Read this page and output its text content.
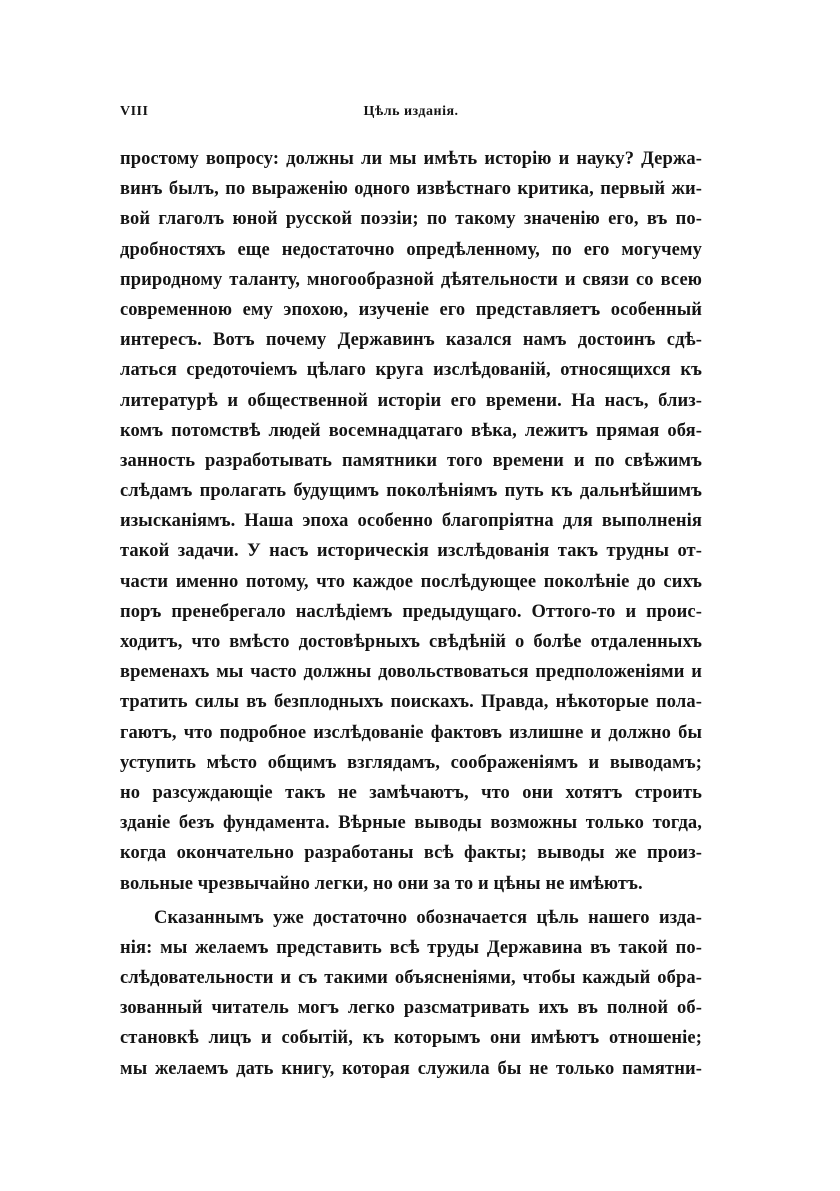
VIII	Цѣль изданія.

простому вопросу: должны ли мы имѣть исторію и науку? Держа-
винъ былъ, по выраженію одного извѣстнаго критика, первый жи-
вой глаголъ юной русской поэзіи; по такому значенію его, въ по-
дробностяхъ еще недостаточно опредѣленному, по его могучему
природному таланту, многообразной дѣятельности и связи со всею
современною ему эпохою, изученіе его представляетъ особенный
интересъ. Вотъ почему Державинъ казался намъ достоинъ сдѣ-
латься средоточіемъ цѣлаго круга изслѣдованій, относящихся къ
литературѣ и общественной исторіи его времени. На насъ, близ-
комъ потомствѣ людей восемнадцатаго вѣка, лежитъ прямая обя-
занность разработывать памятники того времени и по свѣжимъ
слѣдамъ пролагать будущимъ поколѣніямъ путь къ дальнѣйшимъ
изысканіямъ. Наша эпоха особенно благопріятна для выполненія
такой задачи. У насъ историческія изслѣдованія такъ трудны от-
части именно потому, что каждое послѣдующее поколѣніе до сихъ
поръ пренебрегало наслѣдіемъ предыдущаго. Оттого-то и проис-
ходитъ, что вмѣсто достовѣрныхъ свѣдѣній о болѣе отдаленныхъ
временахъ мы часто должны довольствоваться предположеніями и
тратить силы въ безплодныхъ поискахъ. Правда, нѣкоторые пола-
гаютъ, что подробное изслѣдованіе фактовъ излишне и должно бы
уступить мѣсто общимъ взглядамъ, соображеніямъ и выводамъ;
но разсуждающіе такъ не замѣчаютъ, что они хотятъ строить
зданіе безъ фундамента. Вѣрные выводы возможны только тогда,
когда окончательно разработаны всѣ факты; выводы же произ-
вольные чрезвычайно легки, но они за то и цѣны не имѣютъ.

Сказаннымъ уже достаточно обозначается цѣль нашего изда-
нія: мы желаемъ представить всѣ труды Державина въ такой по-
слѣдовательности и съ такими объясненіями, чтобы каждый обра-
зованный читатель могъ легко разсматривать ихъ въ полной об-
становкѣ лицъ и событій, къ которымъ они имѣютъ отношеніе;
мы желаемъ дать книгу, которая служила бы не только памятни-
